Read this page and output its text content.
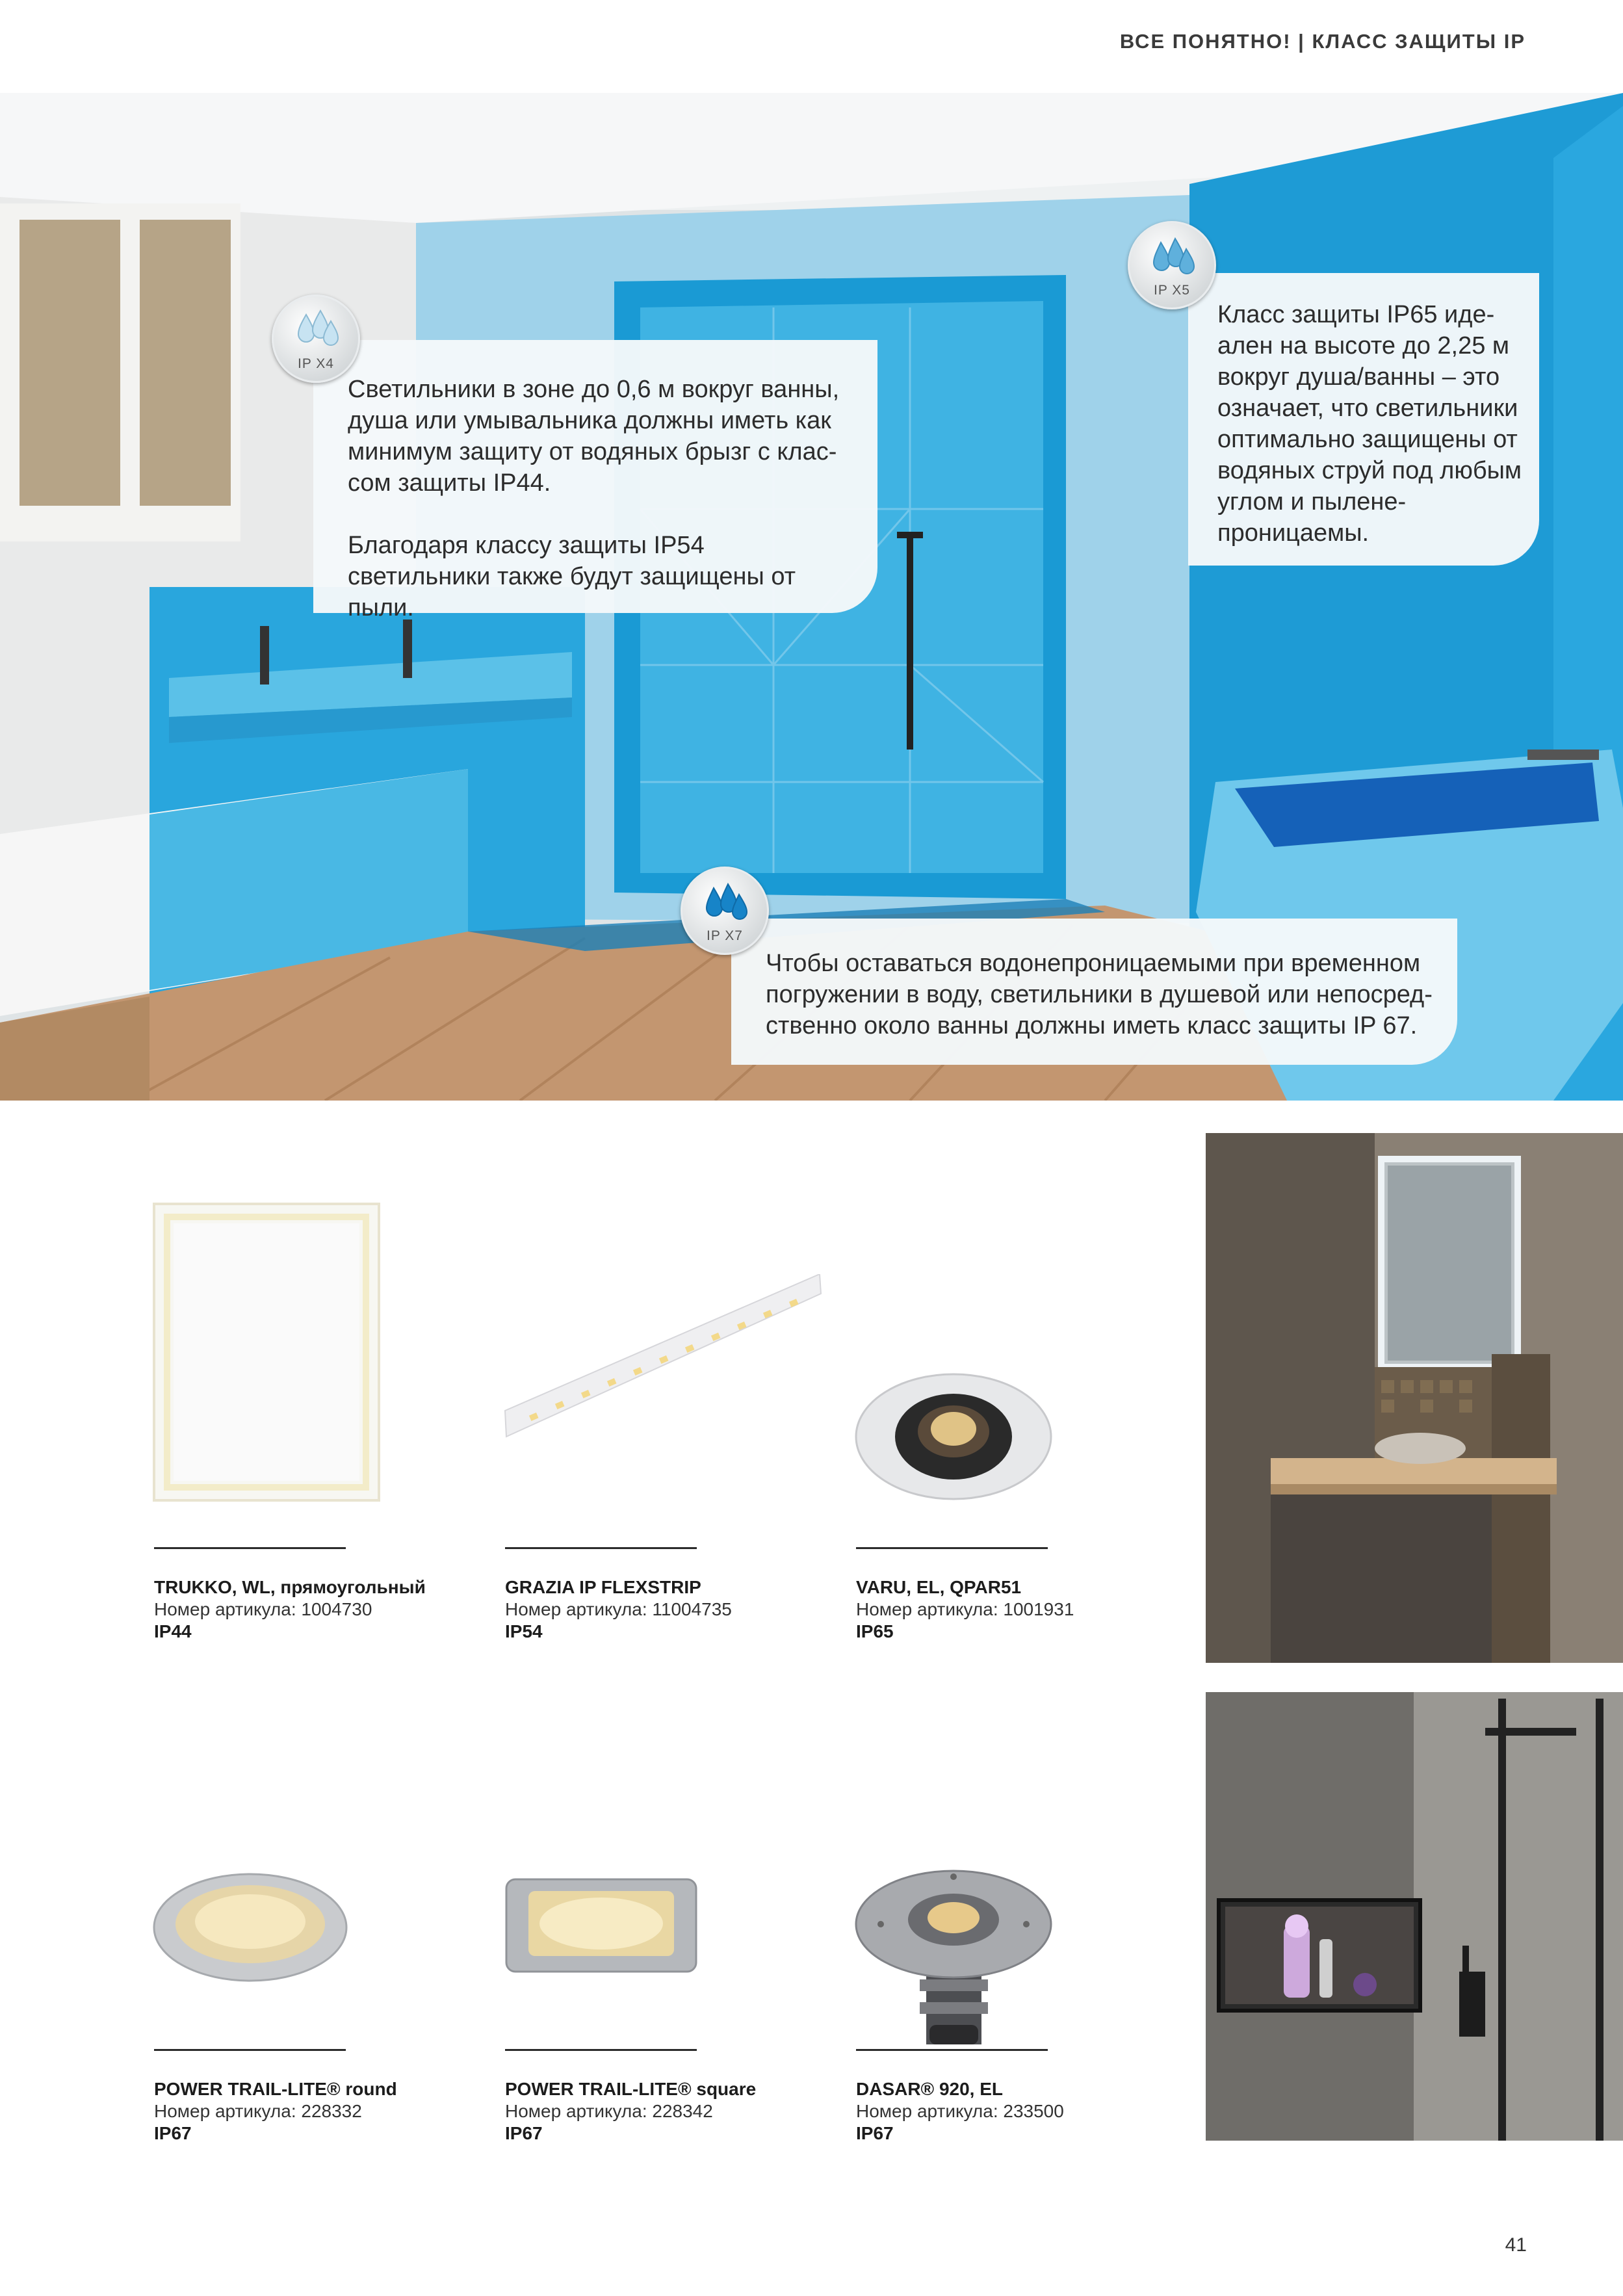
ВСЕ ПОНЯТНО! | КЛАСС ЗАЩИТЫ IP

Светильники в зоне до 0,6 м вокруг ванны, душа или умывальника должны иметь как минимум защиту от водяных брызг с клас-сом защиты IP44.

Благодаря классу защиты IP54 светильники также будут защищены от пыли.

IP X4

Класс защиты IP65 иде-ален на высоте до 2,25 м вокруг душа/ванны – это означает, что светильники оптимально защищены от водяных струй под любым углом и пылене-проницаемы.

IP X5

Чтобы оставаться водонепроницаемыми при временном погружении в воду, светильники в душевой или непосред-ственно около ванны должны иметь класс защиты IP 67.

IP X7
TRUKKO, WL, прямоугольный
Номер артикула: 1004730
IP44
GRAZIA IP FLEXSTRIP
Номер артикула: 11004735
IP54
VARU, EL, QPAR51
Номер артикула: 1001931
IP65
POWER TRAIL-LITE® round
Номер артикула: 228332
IP67
POWER TRAIL-LITE® square
Номер артикула: 228342
IP67
DASAR® 920, EL
Номер артикула: 233500
IP67
41
